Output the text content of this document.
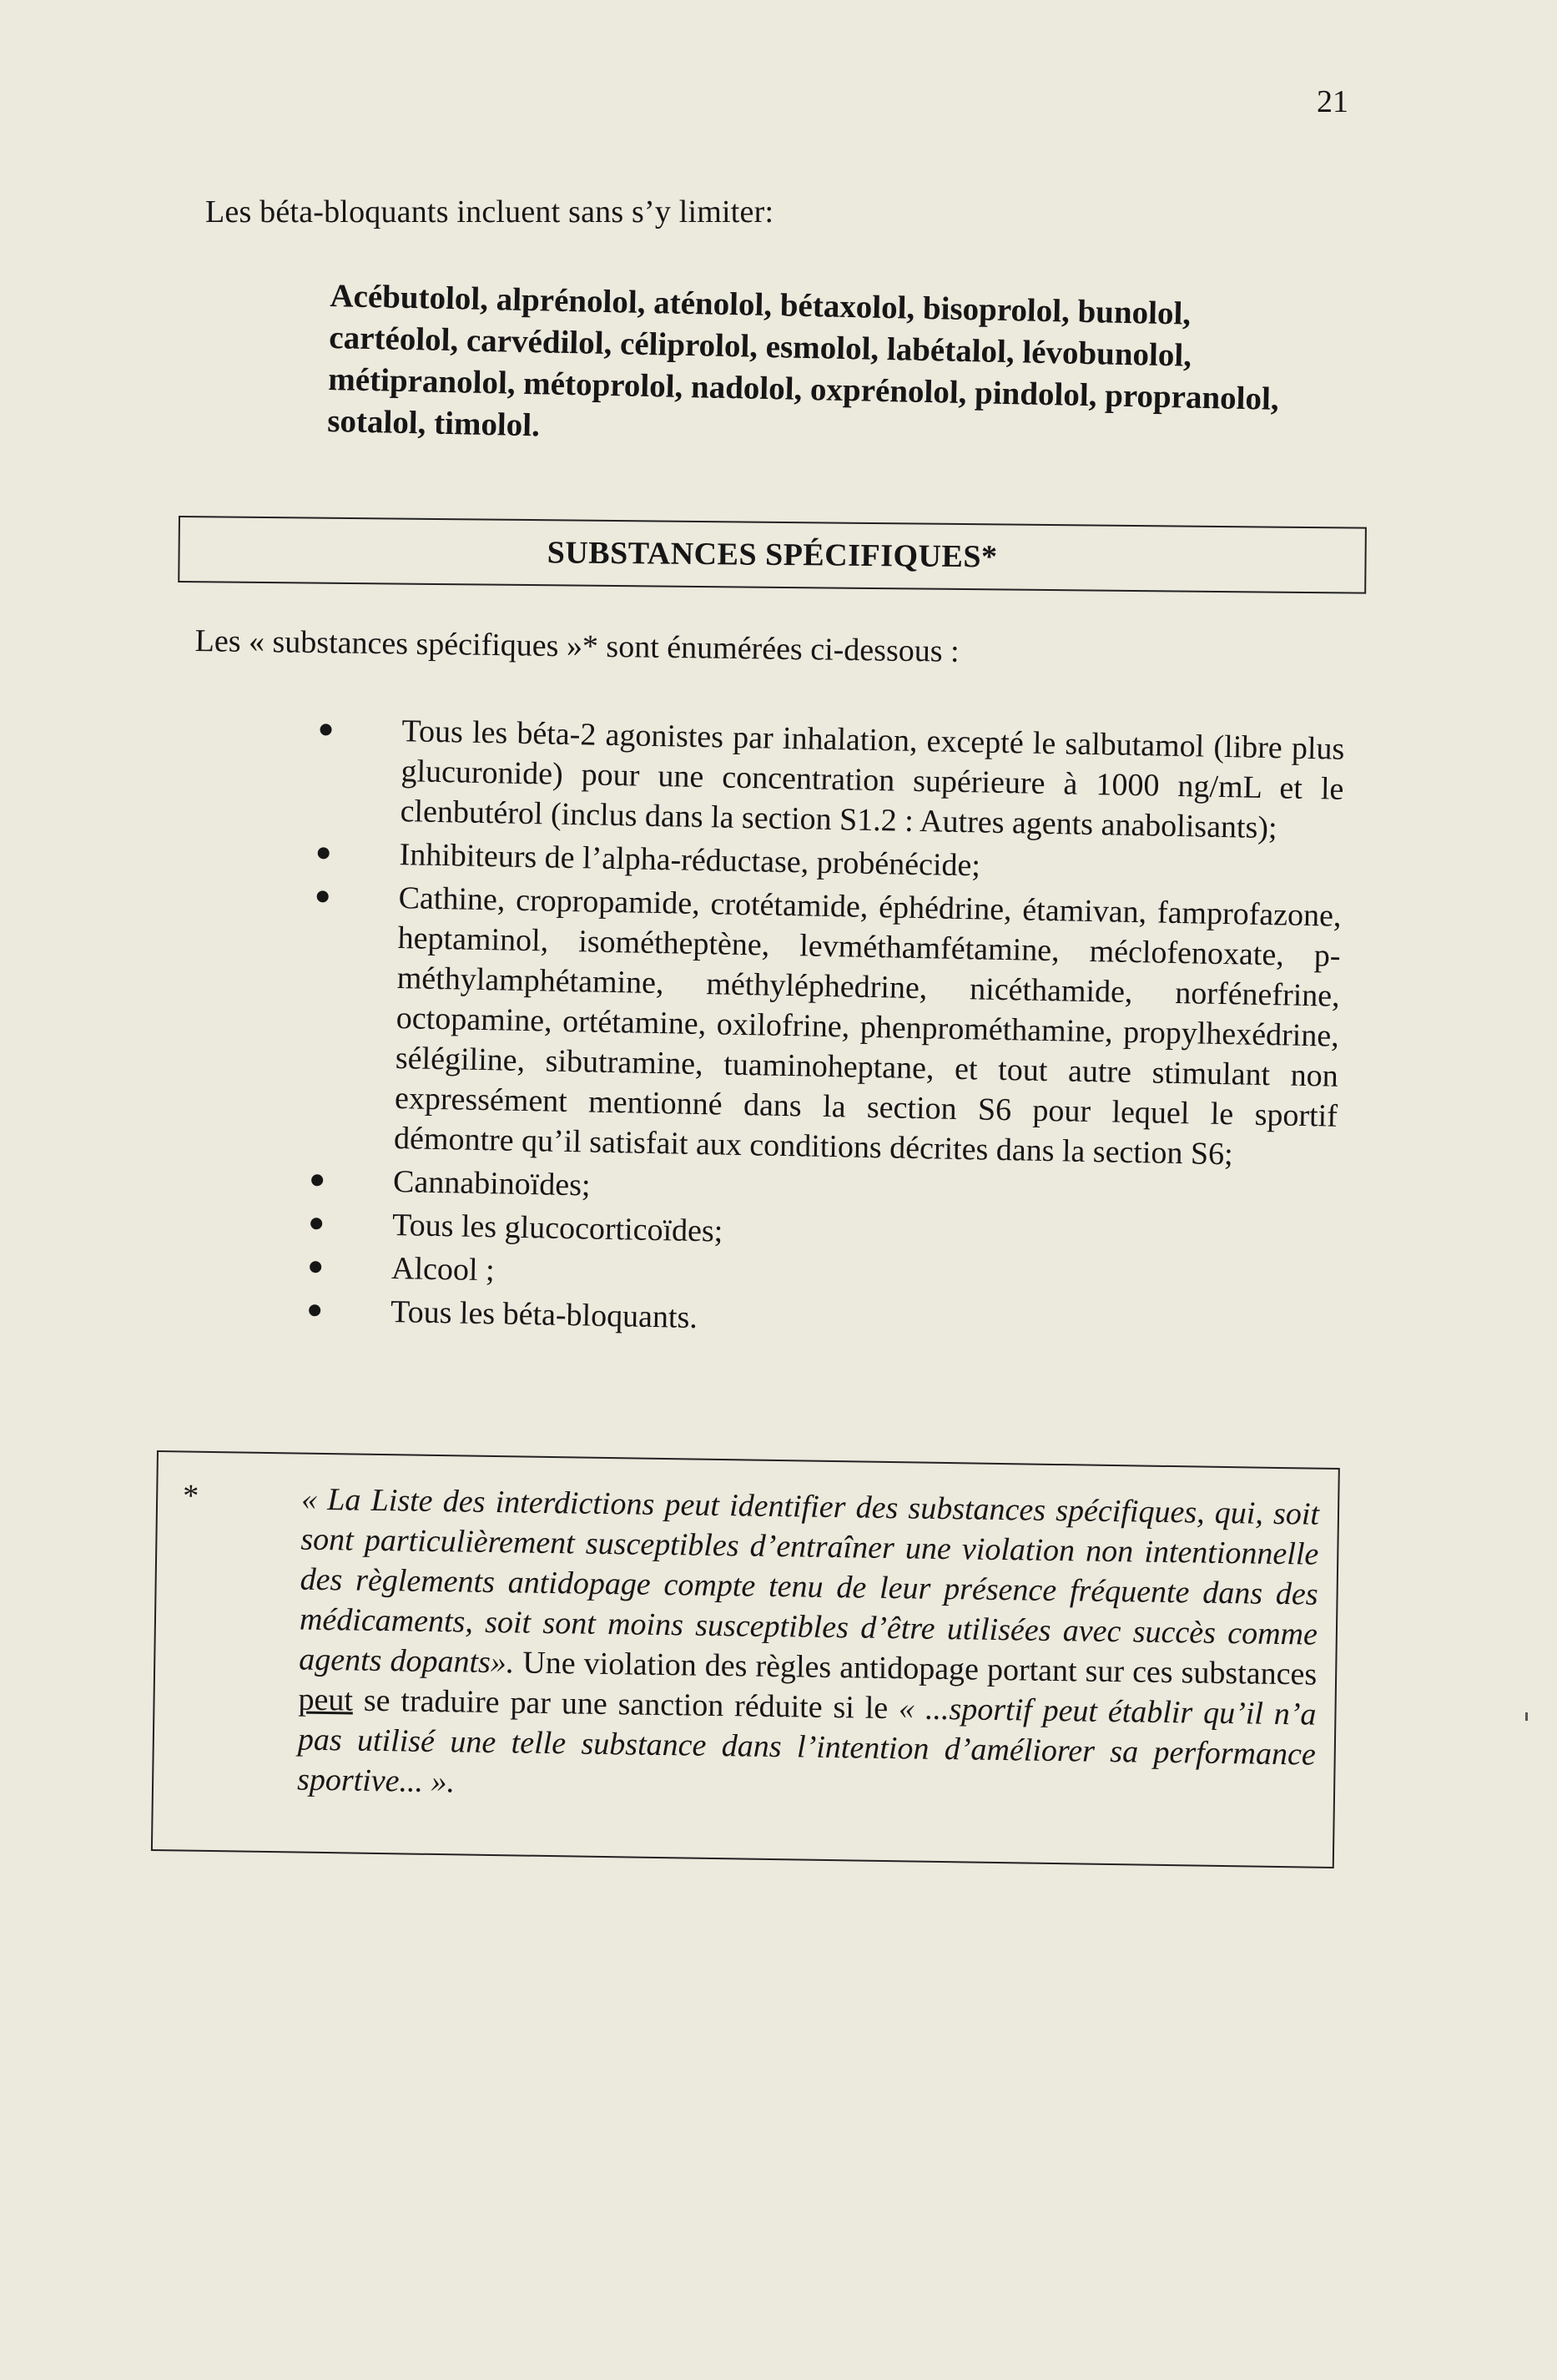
21
Les béta-bloquants incluent sans s’y limiter:
Acébutolol, alprénolol, aténolol, bétaxolol, bisoprolol, bunolol, cartéolol, carvédilol, céliprolol, esmolol, labétalol, lévobunolol, métipranolol, métoprolol, nadolol, oxprénolol, pindolol, propranolol, sotalol, timolol.
SUBSTANCES SPÉCIFIQUES*
Les « substances spécifiques »* sont énumérées ci-dessous :
Tous les béta-2 agonistes par inhalation, excepté le salbutamol (libre plus glucuronide) pour une concentration supérieure à 1000 ng/mL et le clenbutérol (inclus dans la section S1.2 : Autres agents anabolisants);
Inhibiteurs de l’alpha-réductase, probénécide;
Cathine, cropropamide, crotétamide, éphédrine, étamivan, famprofazone, heptaminol, isométheptène, levméthamfétamine, méclofenoxate, p-méthylamphétamine, méthyléphedrine, nicéthamide, norfénefrine, octopamine, ortétamine, oxilofrine, phenprométhamine, propylhexédrine, sélégiline, sibutramine, tuaminoheptane, et tout autre stimulant non expressément mentionné dans la section S6 pour lequel le sportif démontre qu’il satisfait aux conditions décrites dans la section S6;
Cannabinoïdes;
Tous les glucocorticoïdes;
Alcool ;
Tous les béta-bloquants.
*	« La Liste des interdictions peut identifier des substances spécifiques, qui, soit sont particulièrement susceptibles d’entraîner une violation non intentionnelle des règlements antidopage compte tenu de leur présence fréquente dans des médicaments, soit sont moins susceptibles d’être utilisées avec succès comme agents dopants». Une violation des règles antidopage portant sur ces substances peut se traduire par une sanction réduite si le « ...sportif peut établir qu’il n’a pas utilisé une telle substance dans l’intention d’améliorer sa performance sportive... ».
